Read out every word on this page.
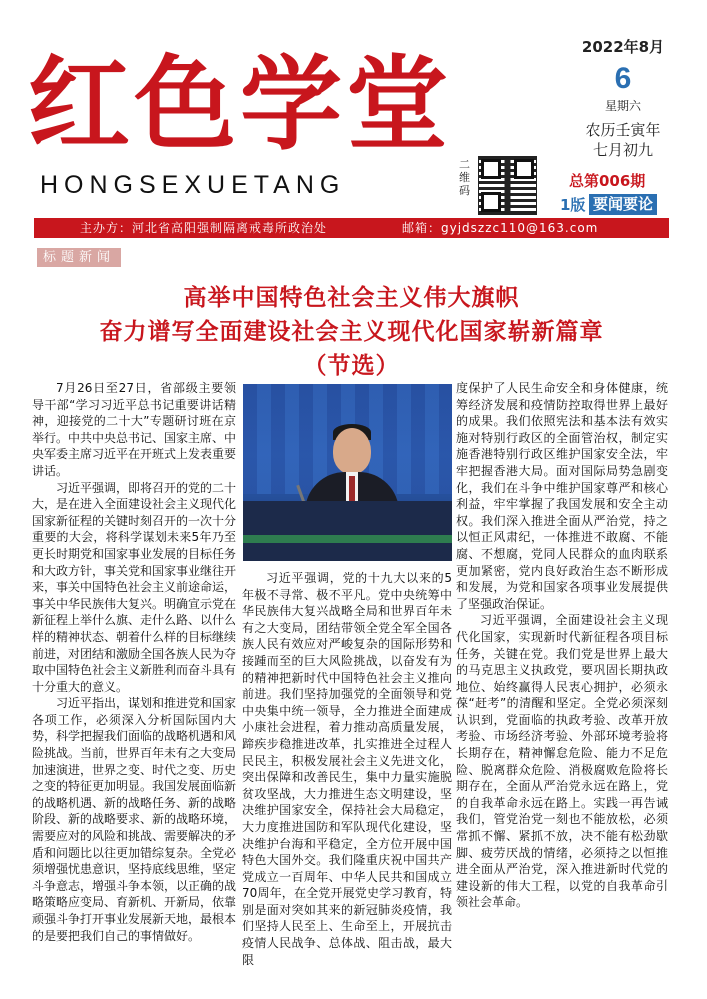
红色学堂
HONGSEXUETANG
二维码
2022年8月
6
星期六
农历壬寅年
七月初九
总第006期
1版 要闻要论
主办方：河北省高阳强制隔离戒毒所政治处	邮箱：gyjdszzc110@163.com
标题新闻
高举中国特色社会主义伟大旗帜
奋力谱写全面建设社会主义现代化国家崭新篇章
（节选）

7月26日至27日，省部级主要领导干部“学习习近平总书记重要讲话精神，迎接党的二十大”专题研讨班在京举行。中共中央总书记、国家主席、中央军委主席习近平在开班式上发表重要讲话。

习近平强调，即将召开的党的二十大，是在进入全面建设社会主义现代化国家新征程的关键时刻召开的一次十分重要的大会，将科学谋划未来5年乃至更长时期党和国家事业发展的目标任务和大政方针，事关党和国家事业继往开来，事关中国特色社会主义前途命运，事关中华民族伟大复兴。明确宣示党在新征程上举什么旗、走什么路、以什么样的精神状态、朝着什么样的目标继续前进，对团结和激励全国各族人民为夺取中国特色社会主义新胜利而奋斗具有十分重大的意义。

习近平指出，谋划和推进党和国家各项工作，必须深入分析国际国内大势，科学把握我们面临的战略机遇和风险挑战。当前，世界百年未有之大变局加速演进，世界之变、时代之变、历史之变的特征更加明显。我国发展面临新的战略机遇、新的战略任务、新的战略阶段、新的战略要求、新的战略环境，需要应对的风险和挑战、需要解决的矛盾和问题比以往更加错综复杂。全党必须增强忧患意识，坚持底线思维，坚定斗争意志，增强斗争本领，以正确的战略策略应变局、育新机、开新局，依靠顽强斗争打开事业发展新天地，最根本的是要把我们自己的事情做好。

习近平强调，党的十九大以来的5年极不寻常、极不平凡。党中央统筹中华民族伟大复兴战略全局和世界百年未有之大变局，团结带领全党全军全国各族人民有效应对严峻复杂的国际形势和接踵而至的巨大风险挑战，以奋发有为的精神把新时代中国特色社会主义推向前进。我们坚持加强党的全面领导和党中央集中统一领导，全力推进全面建成小康社会进程，着力推动高质量发展，蹄疾步稳推进改革，扎实推进全过程人民民主，积极发展社会主义先进文化，突出保障和改善民生，集中力量实施脱贫攻坚战，大力推进生态文明建设，坚决维护国家安全，保持社会大局稳定，大力度推进国防和军队现代化建设，坚决维护台海和平稳定，全方位开展中国特色大国外交。我们隆重庆祝中国共产党成立一百周年、中华人民共和国成立70周年，在全党开展党史学习教育，特别是面对突如其来的新冠肺炎疫情，我们坚持人民至上、生命至上，开展抗击疫情人民战争、总体战、阻击战，最大限

度保护了人民生命安全和身体健康，统筹经济发展和疫情防控取得世界上最好的成果。我们依照宪法和基本法有效实施对特别行政区的全面管治权，制定实施香港特别行政区维护国家安全法，牢牢把握香港大局。面对国际局势急剧变化，我们在斗争中维护国家尊严和核心利益，牢牢掌握了我国发展和安全主动权。我们深入推进全面从严治党，持之以恒正风肃纪，一体推进不敢腐、不能腐、不想腐，党同人民群众的血肉联系更加紧密，党内良好政治生态不断形成和发展，为党和国家各项事业发展提供了坚强政治保证。

习近平强调，全面建设社会主义现代化国家，实现新时代新征程各项目标任务，关键在党。我们党是世界上最大的马克思主义执政党，要巩固长期执政地位、始终赢得人民衷心拥护，必须永葆“赶考”的清醒和坚定。全党必须深刻认识到，党面临的执政考验、改革开放考验、市场经济考验、外部环境考验将长期存在，精神懈怠危险、能力不足危险、脱离群众危险、消极腐败危险将长期存在，全面从严治党永远在路上，党的自我革命永远在路上。实践一再告诫我们，管党治党一刻也不能放松，必须常抓不懈、紧抓不放，决不能有松劲歇脚、疲劳厌战的情绪，必须持之以恒推进全面从严治党，深入推进新时代党的建设新的伟大工程，以党的自我革命引领社会革命。
